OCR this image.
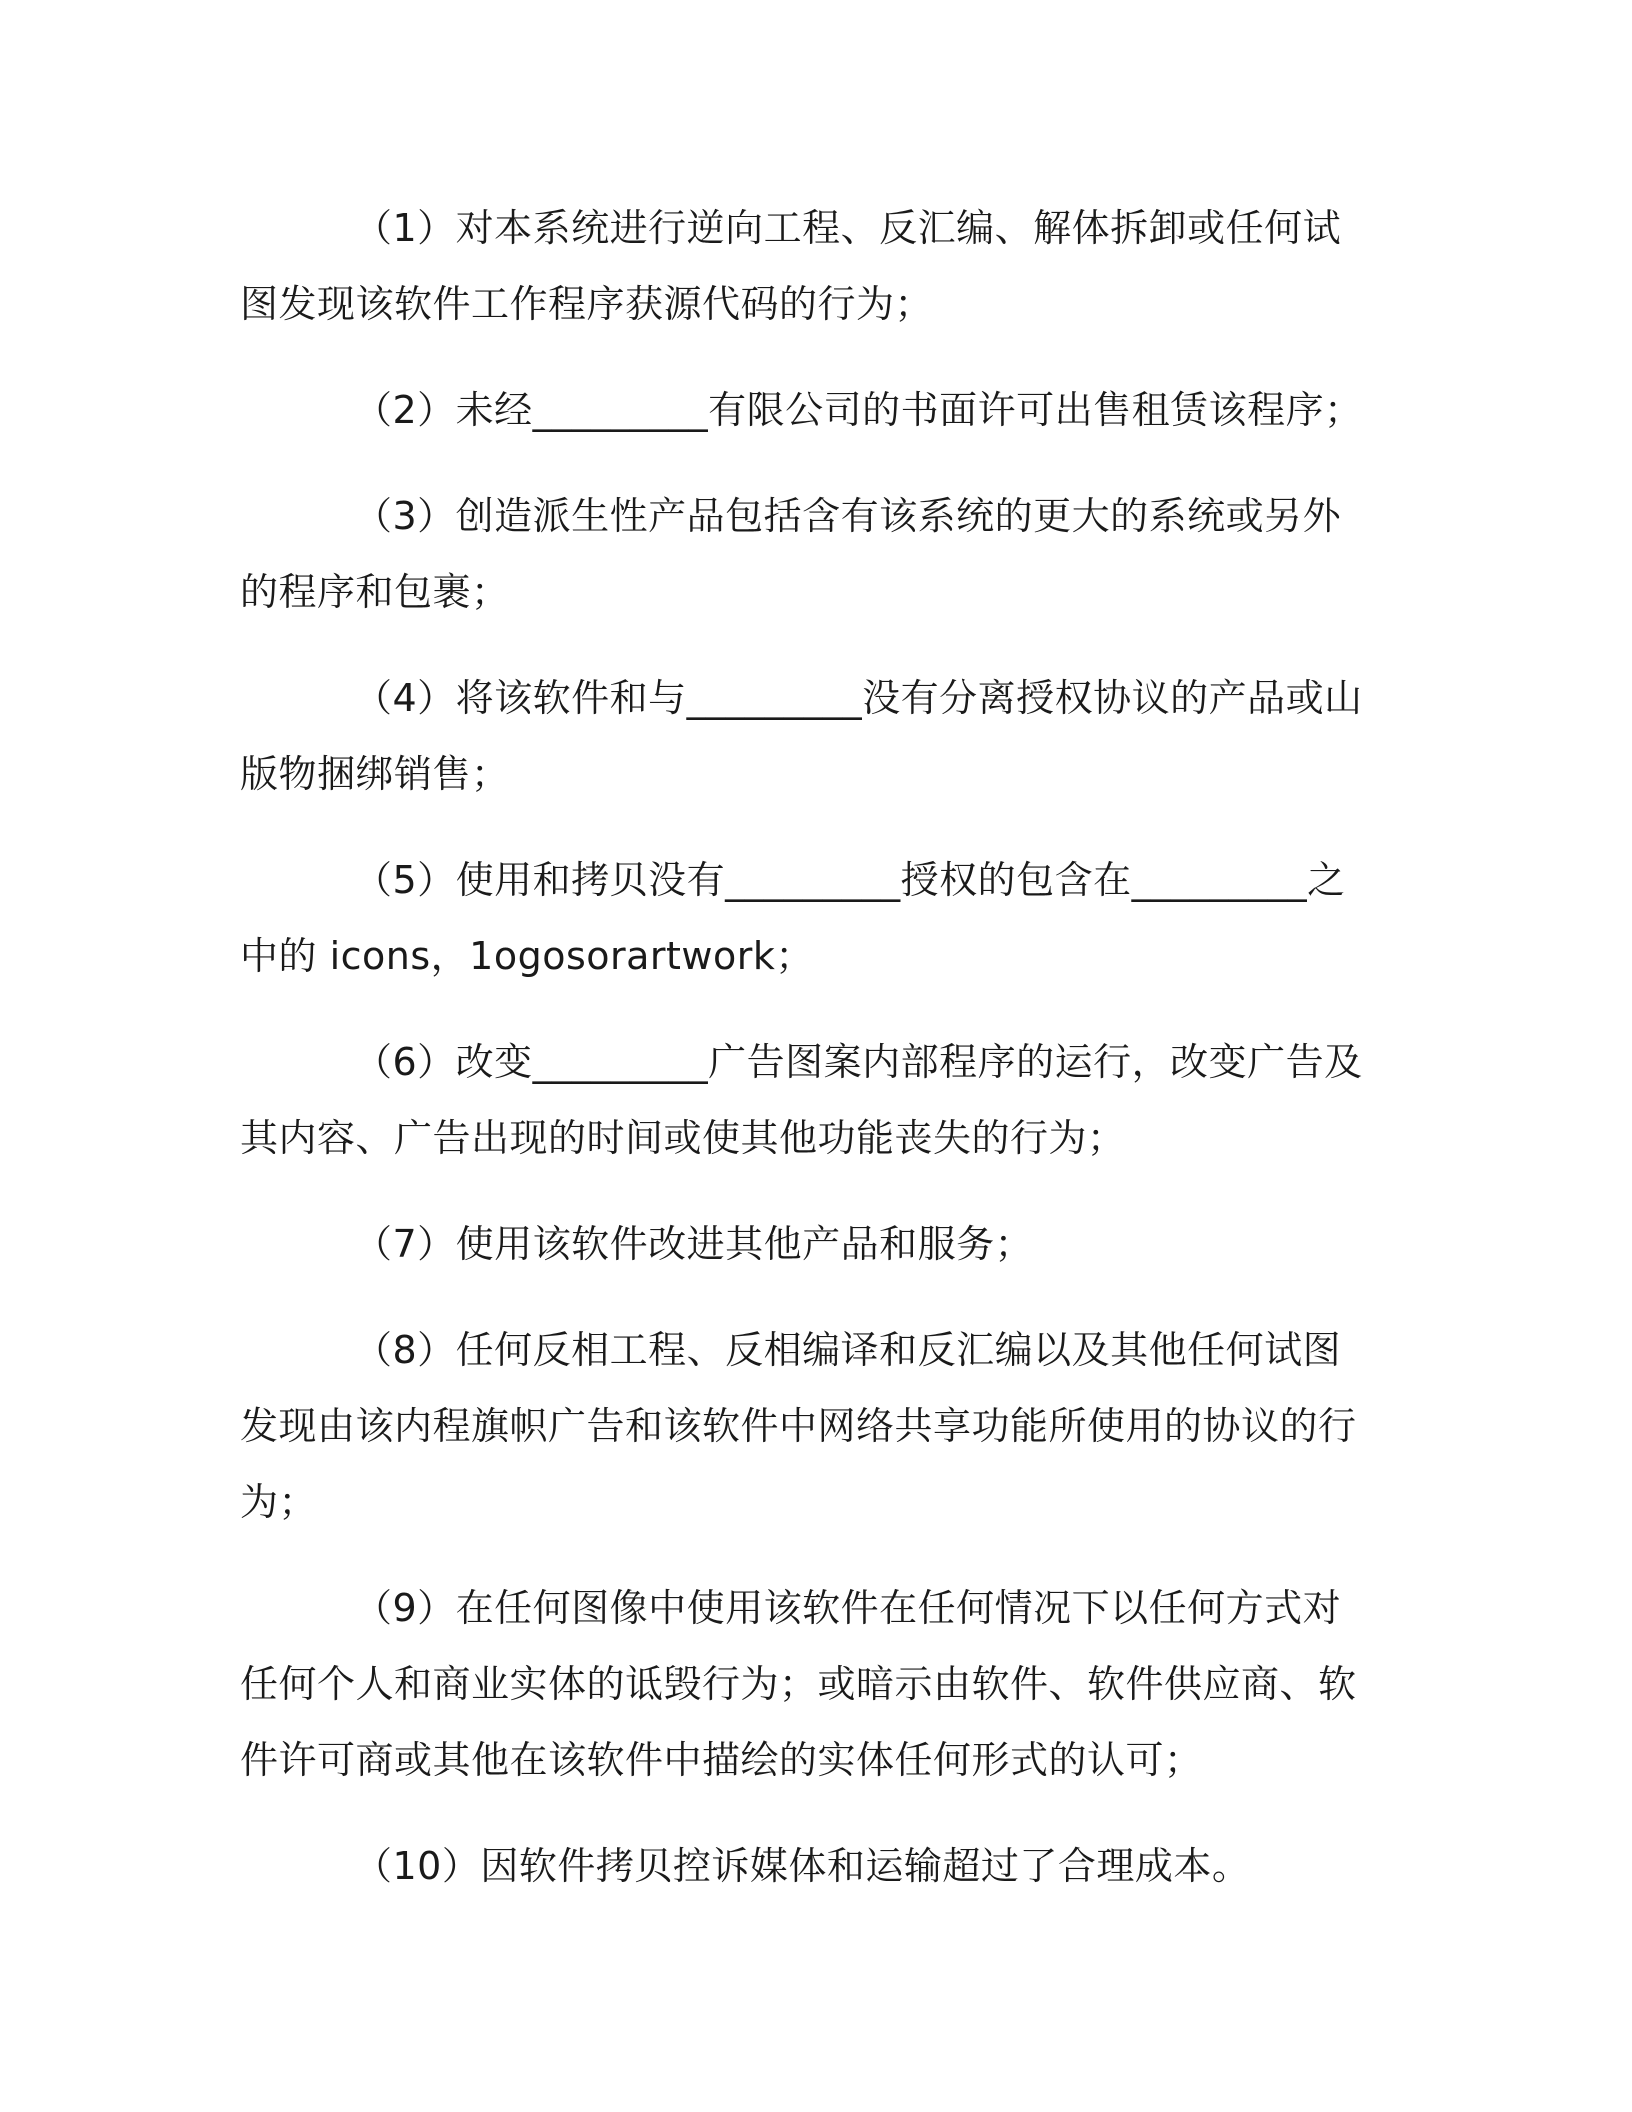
（1）对本系统进行逆向工程、反汇编、解体拆卸或任何试图发现该软件工作程序获源代码的行为；

（2）未经_________有限公司的书面许可出售租赁该程序；

（3）创造派生性产品包括含有该系统的更大的系统或另外的程序和包裹；

（4）将该软件和与_________没有分离授权协议的产品或山版物捆绑销售；

（5）使用和拷贝没有_________授权的包含在_________之中的 icons，1ogosorartwork；

（6）改变_________广告图案内部程序的运行，改变广告及其内容、广告出现的时间或使其他功能丧失的行为；

（7）使用该软件改进其他产品和服务；

（8）任何反相工程、反相编译和反汇编以及其他任何试图发现由该内程旗帜广告和该软件中网络共享功能所使用的协议的行为；

（9）在任何图像中使用该软件在任何情况下以任何方式对任何个人和商业实体的诋毁行为；或暗示由软件、软件供应商、软件许可商或其他在该软件中描绘的实体任何形式的认可；

（10）因软件拷贝控诉媒体和运输超过了合理成本。
